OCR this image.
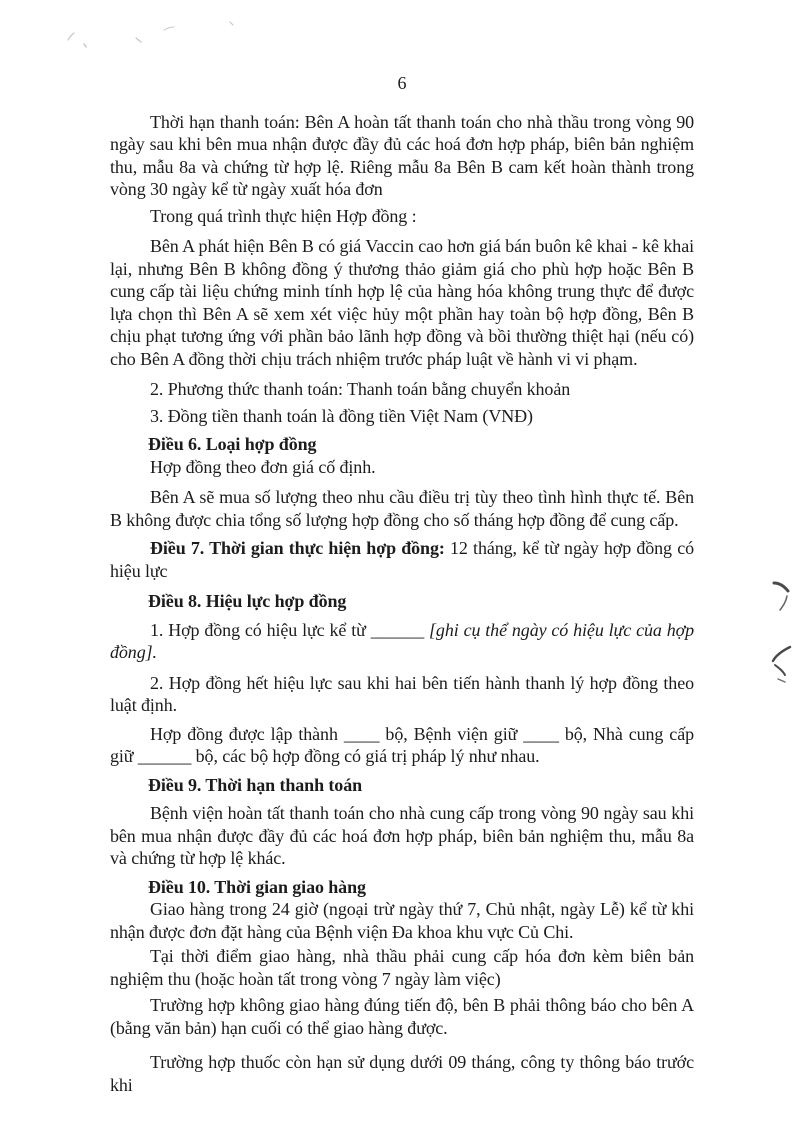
6

Thời hạn thanh toán: Bên A hoàn tất thanh toán cho nhà thầu trong vòng 90 ngày sau khi bên mua nhận được đầy đủ các hoá đơn hợp pháp, biên bản nghiệm thu, mẫu 8a và chứng từ hợp lệ. Riêng mẫu 8a Bên B cam kết hoàn thành trong vòng 30 ngày kể từ ngày xuất hóa đơn

Trong quá trình thực hiện Hợp đồng :

Bên A phát hiện Bên B có giá Vaccin cao hơn giá bán buôn kê khai - kê khai lại, nhưng Bên B không đồng ý thương thảo giảm giá cho phù hợp hoặc Bên B cung cấp tài liệu chứng minh tính hợp lệ của hàng hóa không trung thực để được lựa chọn thì Bên A sẽ xem xét việc hủy một phần hay toàn bộ hợp đồng, Bên B chịu phạt tương ứng với phần bảo lãnh hợp đồng và bồi thường thiệt hại (nếu có) cho Bên A đồng thời chịu trách nhiệm trước pháp luật về hành vi vi phạm.

2. Phương thức thanh toán: Thanh toán bằng chuyển khoản

3. Đồng tiền thanh toán là đồng tiền Việt Nam (VNĐ)

Điều 6. Loại hợp đồng

Hợp đồng theo đơn giá cố định.

Bên A sẽ mua số lượng theo nhu cầu điều trị tùy theo tình hình thực tế. Bên B không được chia tổng số lượng hợp đồng cho số tháng hợp đồng để cung cấp.

Điều 7. Thời gian thực hiện hợp đồng: 12 tháng, kể từ ngày hợp đồng có hiệu lực

Điều 8. Hiệu lực hợp đồng

1. Hợp đồng có hiệu lực kể từ ______ [ghi cụ thể ngày có hiệu lực của hợp đồng].

2. Hợp đồng hết hiệu lực sau khi hai bên tiến hành thanh lý hợp đồng theo luật định.

Hợp đồng được lập thành ____ bộ, Bệnh viện giữ ____ bộ, Nhà cung cấp giữ ______ bộ, các bộ hợp đồng có giá trị pháp lý như nhau.

Điều 9. Thời hạn thanh toán

Bệnh viện hoàn tất thanh toán cho nhà cung cấp trong vòng 90 ngày sau khi bên mua nhận được đầy đủ các hoá đơn hợp pháp, biên bản nghiệm thu, mẫu 8a và chứng từ hợp lệ khác.

Điều 10. Thời gian giao hàng

Giao hàng trong 24 giờ (ngoại trừ ngày thứ 7, Chủ nhật, ngày Lễ) kể từ khi nhận được đơn đặt hàng của Bệnh viện Đa khoa khu vực Củ Chi.

Tại thời điểm giao hàng, nhà thầu phải cung cấp hóa đơn kèm biên bản nghiệm thu (hoặc hoàn tất trong vòng 7 ngày làm việc)

Trường hợp không giao hàng đúng tiến độ, bên B phải thông báo cho bên A (bằng văn bản) hạn cuối có thể giao hàng được.

Trường hợp thuốc còn hạn sử dụng dưới 09 tháng, công ty thông báo trước khi
